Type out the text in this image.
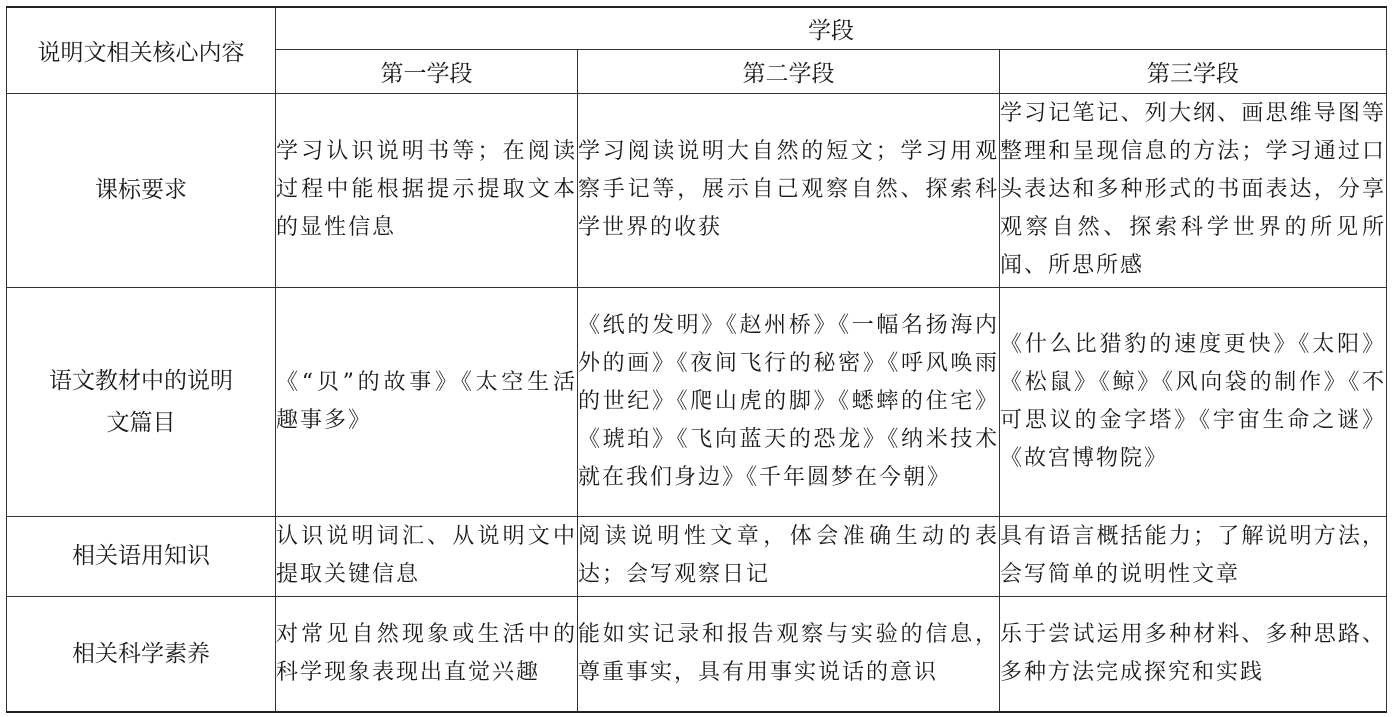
说明文相关核心内容	学段		
	第一学段	第二学段	第三学段
课标要求	学习认识说明书等；在阅读过程中能根据提示提取文本的显性信息	学习阅读说明大自然的短文；学习用观察手记等，展示自己观察自然、探索科学世界的收获	学习记笔记、列大纲、画思维导图等整理和呈现信息的方法；学习通过口头表达和多种形式的书面表达，分享观察自然、探索科学世界的所见所闻、所思所感
语文教材中的说明文篇目	《“贝”的故事》《太空生活趣事多》	《纸的发明》《赵州桥》《一幅名扬海内外的画》《夜间飞行的秘密》《呼风唤雨的世纪》《爬山虎的脚》《蟋蟀的住宅》《琥珀》《飞向蓝天的恐龙》《纳米技术就在我们身边》《千年圆梦在今朝》	《什么比猎豹的速度更快》《太阳》《松鼠》《鲸》《风向袋的制作》《不可思议的金字塔》《宇宙生命之谜》《故宫博物院》
相关语用知识	认识说明词汇、从说明文中提取关键信息	阅读说明性文章，体会准确生动的表达；会写观察日记	具有语言概括能力；了解说明方法，会写简单的说明性文章
相关科学素养	对常见自然现象或生活中的科学现象表现出直觉兴趣	能如实记录和报告观察与实验的信息，尊重事实，具有用事实说话的意识	乐于尝试运用多种材料、多种思路、多种方法完成探究和实践
